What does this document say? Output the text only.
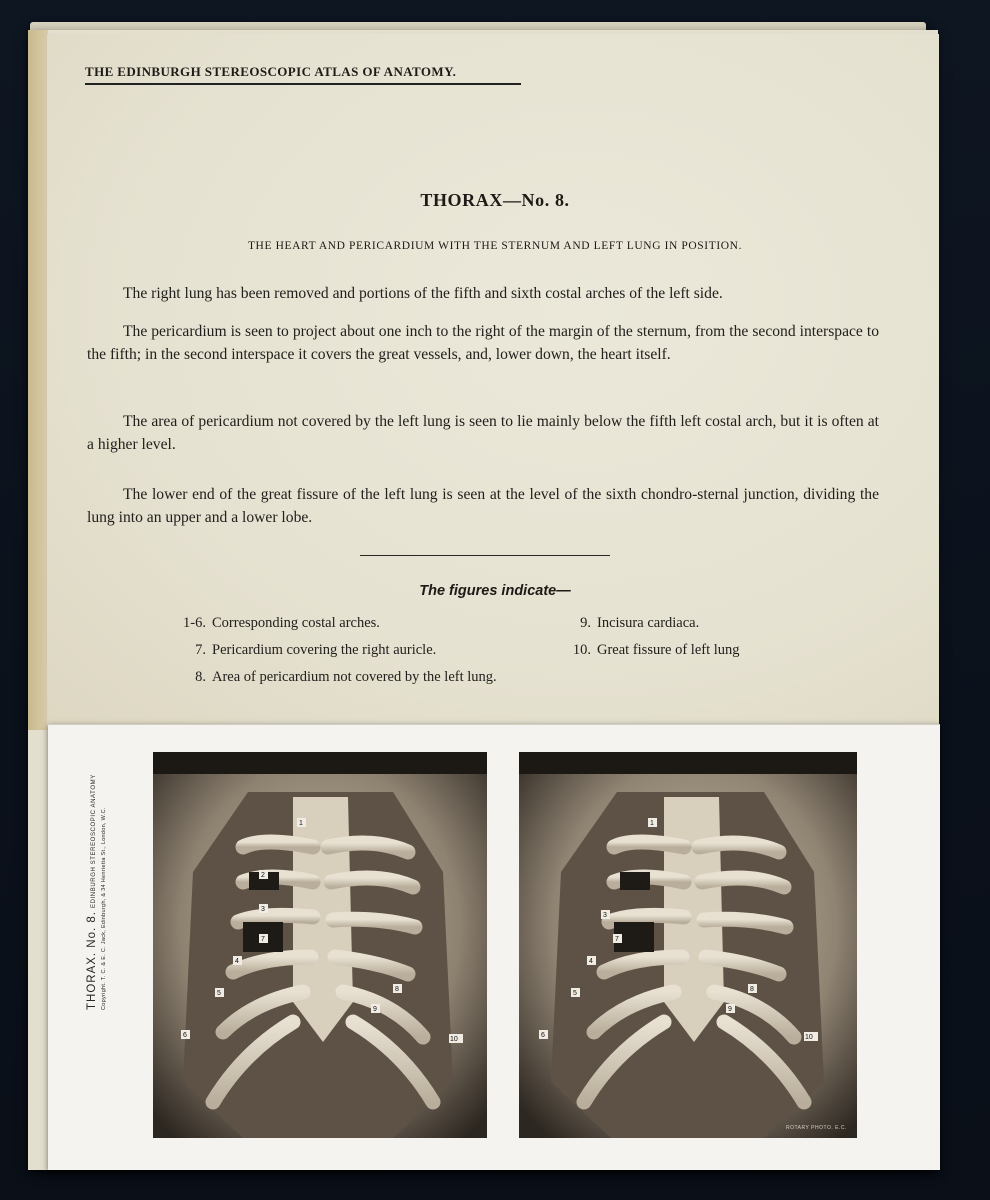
THE EDINBURGH STEREOSCOPIC ATLAS OF ANATOMY.
THORAX—No. 8.
THE HEART AND PERICARDIUM WITH THE STERNUM AND LEFT LUNG IN POSITION.

The right lung has been removed and portions of the fifth and sixth costal arches of the left side.

The pericardium is seen to project about one inch to the right of the margin of the sternum, from the second interspace to the fifth; in the second interspace it covers the great vessels, and, lower down, the heart itself.

The area of pericardium not covered by the left lung is seen to lie mainly below the fifth left costal arch, but it is often at a higher level.

The lower end of the great fissure of the left lung is seen at the level of the sixth chondro-sternal junction, dividing the lung into an upper and a lower lobe.

The figures indicate—
1-6. Corresponding costal arches.
7. Pericardium covering the right auricle.
8. Area of pericardium not covered by the left lung.
9. Incisura cardiaca.
10. Great fissure of left lung
THORAX. No. 8.EDINBURGH STEREOSCOPIC ANATOMY Copyright. T. C. & E. C. Jack, Edinburgh, & 34 Henrietta St., London, W.C.	1
2
3
4
5
6
7
8
9
10
1
3
4
5
6
7
8
9
10
ROTARY PHOTO. E.C.
